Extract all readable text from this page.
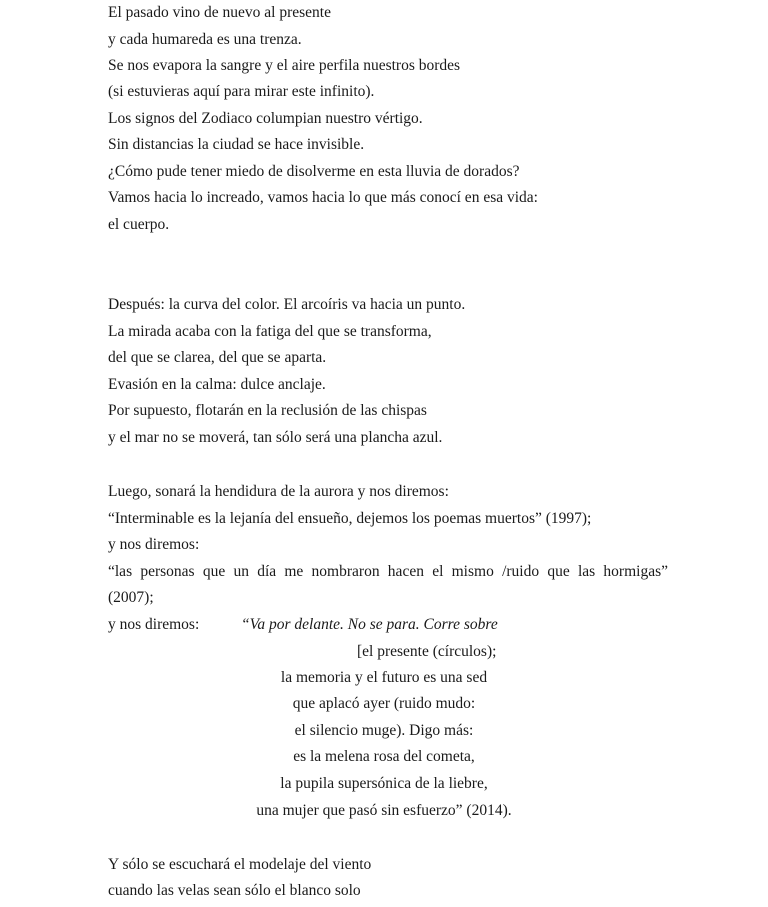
El pasado vino de nuevo al presente
y cada humareda es una trenza.
Se nos evapora la sangre y el aire perfila nuestros bordes
(si estuvieras aquí para mirar este infinito).
Los signos del Zodiaco columpian nuestro vértigo.
Sin distancias la ciudad se hace invisible.
¿Cómo pude tener miedo de disolverme en esta lluvia de dorados?
Vamos hacia lo increado, vamos hacia lo que más conocí en esa vida:
el cuerpo.
Después: la curva del color. El arcoíris va hacia un punto.
La mirada acaba con la fatiga del que se transforma,
del que se clarea, del que se aparta.
Evasión en la calma: dulce anclaje.
Por supuesto, flotarán en la reclusión de las chispas
y el mar no se moverá, tan sólo será una plancha azul.
Luego, sonará la hendidura de la aurora y nos diremos:
“Interminable es la lejanía del ensueño, dejemos los poemas muertos” (1997);
y nos diremos:
“las personas que un día me nombraron hacen el mismo /ruido que las hormigas”
(2007);
y nos diremos:	“Va por delante. No se para. Corre sobre
[el presente (círculos);
la memoria y el futuro es una sed
que aplacó ayer (ruido mudo:
el silencio muge). Digo más:
es la melena rosa del cometa,
la pupila supersónica de la liebre,
una mujer que pasó sin esfuerzo” (2014).
Y sólo se escuchará el modelaje del viento
cuando las velas sean sólo el blanco solo
